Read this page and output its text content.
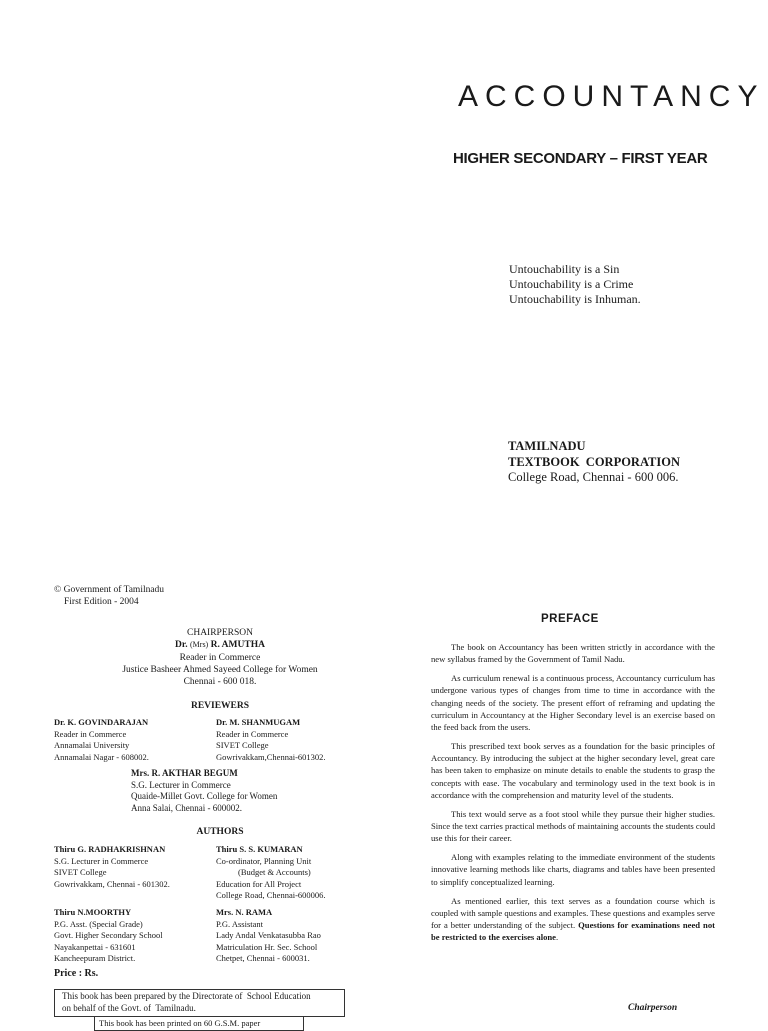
ACCOUNTANCY
HIGHER SECONDARY – FIRST YEAR
Untouchability is a Sin
Untouchability is a Crime
Untouchability is Inhuman.
TAMILNADU
TEXTBOOK  CORPORATION
College Road, Chennai - 600 006.
© Government of Tamilnadu
First Edition - 2004
CHAIRPERSON
Dr. (Mrs) R. AMUTHA
Reader in Commerce
Justice Basheer Ahmed Sayeed College for Women
Chennai - 600 018.
REVIEWERS
Dr. K. GOVINDARAJAN
Reader in Commerce
Annamalai University
Annamalai Nagar - 608002.
Dr. M. SHANMUGAM
Reader in Commerce
SIVET College
Gowrivakkam,Chennai-601302.
Mrs. R. AKTHAR BEGUM
S.G. Lecturer in Commerce
Quaide-Millet Govt. College for Women
Anna Salai, Chennai - 600002.
AUTHORS
Thiru G. RADHAKRISHNAN
S.G. Lecturer in Commerce
SIVET College
Gowrivakkam, Chennai - 601302.
Thiru S. S. KUMARAN
Co-ordinator, Planning Unit
(Budget & Accounts)
Education for All Project
College Road, Chennai-600006.
Thiru N.MOORTHY
P.G. Asst. (Special Grade)
Govt. Higher Secondary School
Nayakanpettai - 631601
Kancheepuram District.
Mrs. N. RAMA
P.G. Assistant
Lady Andal Venkatasubba Rao
Matriculation Hr. Sec. School
Chetpet, Chennai - 600031.
Price : Rs.
This book has been prepared by the Directorate of  School Education
on behalf of the Govt. of  Tamilnadu.
This book has been printed on 60 G.S.M. paper
PREFACE

The book on Accountancy has been written strictly in accordance with the new syllabus framed by the Government of Tamil Nadu.

As curriculum renewal is a continuous process, Accountancy curriculum has undergone various types of changes from time to time in accordance with the changing needs of the society. The present effort of reframing and updating the curriculum in Accountancy at the Higher Secondary level is an exercise based on the feed back from the users.

This prescribed text book serves as a foundation for the basic principles of Accountancy. By introducing the subject at the higher secondary level, great care has been taken to emphasize on minute details to enable the students to grasp the concepts with ease. The vocabulary and terminology used in the text book is in accordance with the comprehension and maturity level of the students.

This text would serve as a foot stool while they pursue their higher studies. Since the text carries practical methods of maintaining accounts the students could use this for their career.

Along with examples relating to the immediate environment of the students innovative learning methods like charts, diagrams and tables have been presented to simplify conceptualized learning.

As mentioned earlier, this text serves as a foundation course which is coupled with sample questions and examples. These questions and examples serve for a better understanding of the subject. Questions for examinations need not be restricted to the exercises alone.

Chairperson
